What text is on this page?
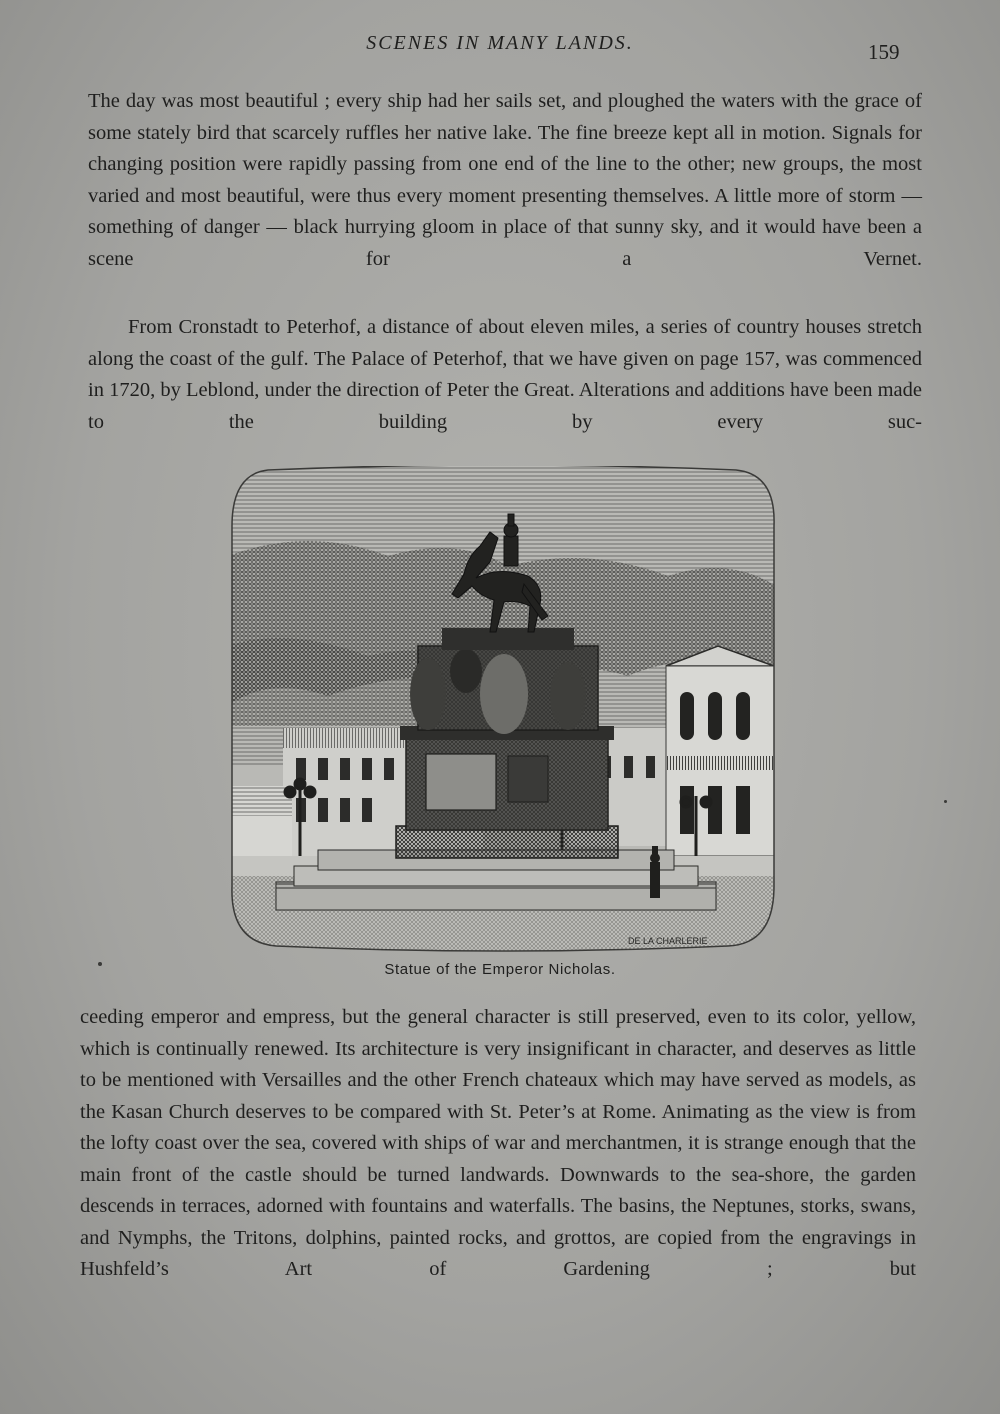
SCENES IN MANY LANDS.	159

The day was most beautiful ; every ship had her sails set, and ploughed the waters with the grace of some stately bird that scarcely ruffles her native lake. The fine breeze kept all in motion. Signals for changing position were rapidly passing from one end of the line to the other; new groups, the most varied and most beautiful, were thus every moment presenting themselves. A little more of storm — something of danger — black hurrying gloom in place of that sunny sky, and it would have been a scene for a Vernet.

From Cronstadt to Peterhof, a distance of about eleven miles, a series of country houses stretch along the coast of the gulf. The Palace of Peterhof, that we have given on page 157, was commenced in 1720, by Leblond, under the direction of Peter the Great. Alterations and additions have been made to the building by every suc-

DE LA CHARLERIE
Statue of the Emperor Nicholas.

ceeding emperor and empress, but the general character is still preserved, even to its color, yellow, which is continually renewed. Its architecture is very insignificant in character, and deserves as little to be mentioned with Versailles and the other French chateaux which may have served as models, as the Kasan Church deserves to be compared with St. Peter’s at Rome. Animating as the view is from the lofty coast over the sea, covered with ships of war and merchantmen, it is strange enough that the main front of the castle should be turned landwards. Downwards to the sea-shore, the garden descends in terraces, adorned with fountains and waterfalls. The basins, the Neptunes, storks, swans, and Nymphs, the Tritons, dolphins, painted rocks, and grottos, are copied from the engravings in Hushfeld’s Art of Gardening ; but
